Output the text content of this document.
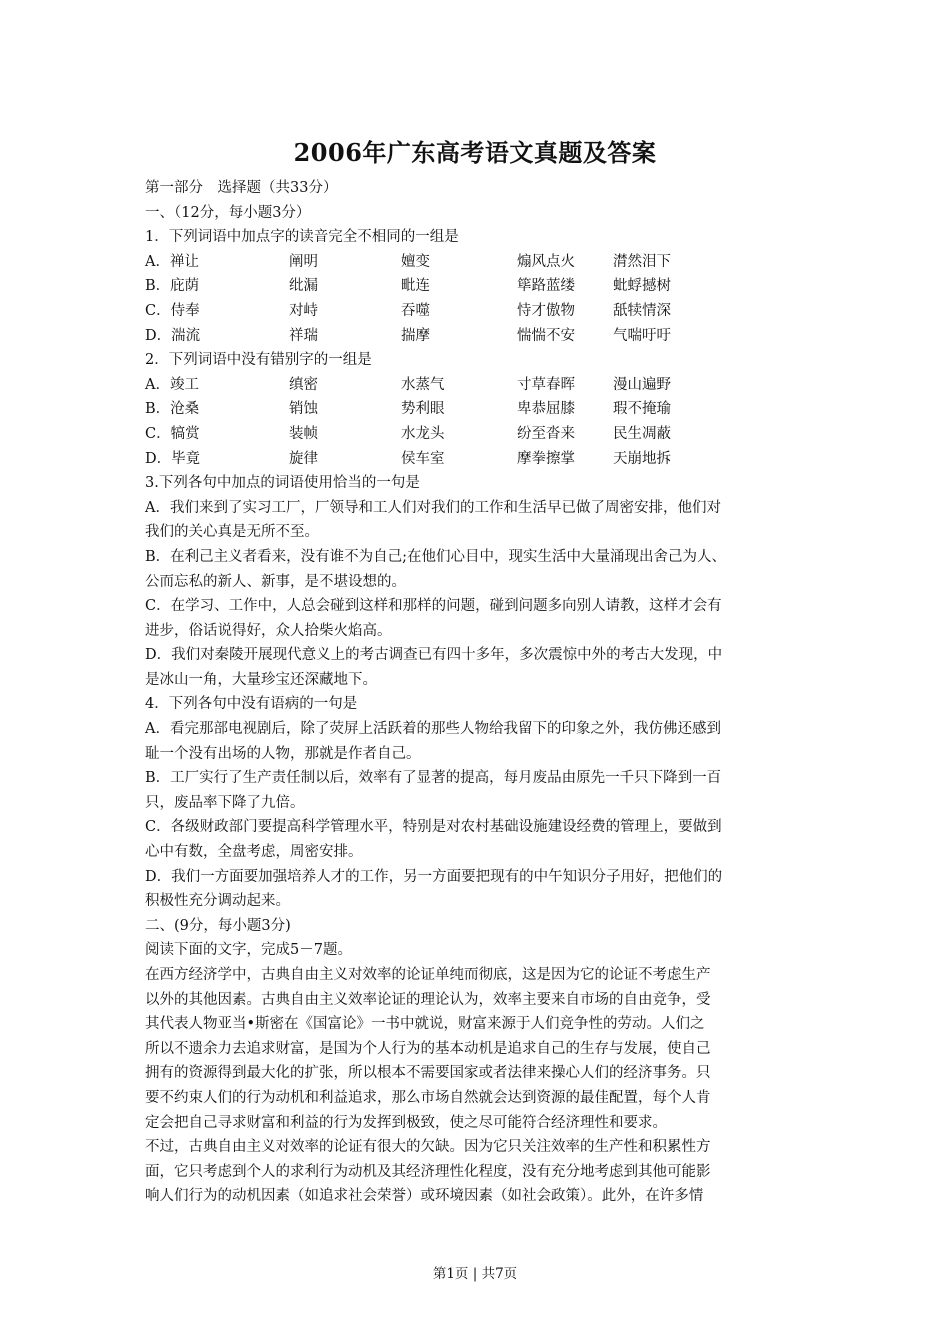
2006年广东高考语文真题及答案
第一部分　选择题（共33分）
一、（12分，每小题3分）
1．下列词语中加点字的读音完全不相同的一组是
A．禅让	阐明	嬗变	煽风点火	潸然泪下
B．庇荫	纰漏	毗连	筚路蓝缕	蚍蜉撼树
C．侍奉	对峙	吞噬	恃才傲物	舐犊情深
D．湍流	祥瑞	揣摩	惴惴不安	气喘吁吁
2．下列词语中没有错别字的一组是
A．竣工	缜密	水蒸气	寸草春晖	漫山遍野
B．沧桑	销蚀	势利眼	卑恭屈膝	瑕不掩瑜
C．犒赏	装帧	水龙头	纷至沓来	民生凋蔽
D．毕竟	旋律	侯车室	摩拳擦掌	天崩地拆
3.下列各句中加点的词语使用恰当的一句是
A．我们来到了实习工厂，厂领导和工人们对我们的工作和生活早已做了周密安排，他们对
我们的关心真是无所不至。
B．在利己主义者看来，没有谁不为自己;在他们心目中，现实生活中大量涌现出舍己为人、
公而忘私的新人、新事，是不堪设想的。
C．在学习、工作中，人总会碰到这样和那样的问题，碰到问题多向别人请教，这样才会有
进步，俗话说得好，众人拾柴火焰高。
D．我们对秦陵开展现代意义上的考古调查已有四十多年，多次震惊中外的考古大发现，中
是冰山一角，大量珍宝还深藏地下。
4．下列各句中没有语病的一句是
A．看完那部电视剧后，除了荧屏上活跃着的那些人物给我留下的印象之外，我仿佛还感到
耻一个没有出场的人物，那就是作者自己。
B．工厂实行了生产责任制以后，效率有了显著的提高，每月废品由原先一千只下降到一百
只，废品率下降了九倍。
C．各级财政部门要提高科学管理水平，特别是对农村基础设施建设经费的管理上，要做到
心中有数，全盘考虑，周密安排。
D．我们一方面要加强培养人才的工作，另一方面要把现有的中午知识分子用好，把他们的
积极性充分调动起来。
二、(9分，每小题3分)
阅读下面的文字，完成5－7题。
在西方经济学中，古典自由主义对效率的论证单纯而彻底，这是因为它的论证不考虑生产
以外的其他因素。古典自由主义效率论证的理论认为，效率主要来自市场的自由竞争，受
其代表人物亚当•斯密在《国富论》一书中就说，财富来源于人们竞争性的劳动。人们之
所以不遗余力去追求财富，是国为个人行为的基本动机是追求自己的生存与发展，使自己
拥有的资源得到最大化的扩张，所以根本不需要国家或者法律来操心人们的经济事务。只
要不约束人们的行为动机和利益追求，那么市场自然就会达到资源的最佳配置，每个人肯
定会把自己寻求财富和利益的行为发挥到极致，使之尽可能符合经济理性和要求。
不过，古典自由主义对效率的论证有很大的欠缺。因为它只关注效率的生产性和积累性方
面，它只考虑到个人的求利行为动机及其经济理性化程度，没有充分地考虑到其他可能影
响人们行为的动机因素（如追求社会荣誉）或环境因素（如社会政策）。此外，在许多情
第1页 | 共7页
